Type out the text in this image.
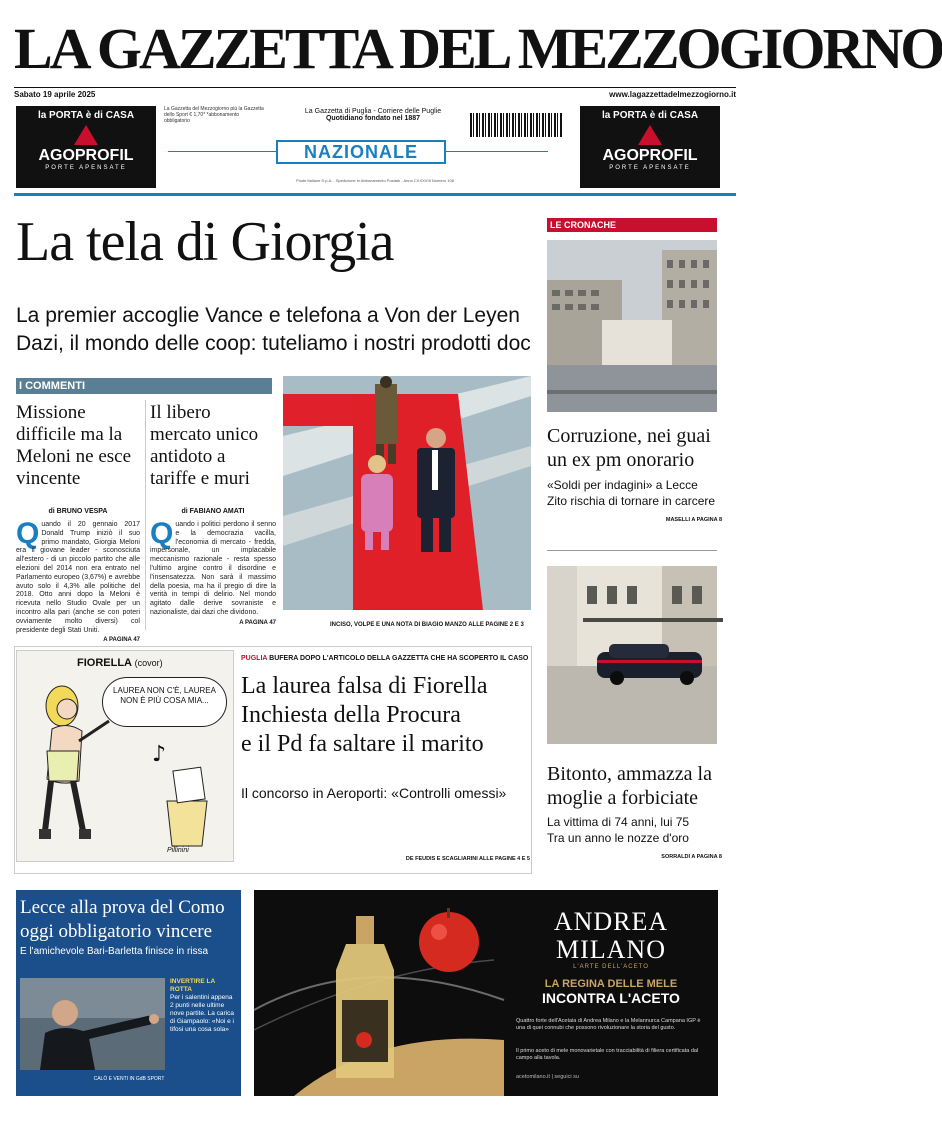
LA GAZZETTA DEL MEZZOGIORNO
Sabato 19 aprile 2025	www.lagazzettadelmezzogiorno.it
la PORTA è di CASA
AGOPROFIL
PORTE APENSATE
La Gazzetta del Mezzogiorno più la Gazzetta dello Sport € 1,70* *abbonamento obbligatorio
La Gazzetta di Puglia - Corriere delle Puglie
Quotidiano fondato nel 1887
NAZIONALE
Poste Italiane S.p.A. - Spedizione in Abbonamento Postale - Anno CXXXVIII Numero 108
la PORTA è di CASA
AGOPROFIL
PORTE APENSATE
La tela di Giorgia
La premier accoglie Vance e telefona a Von der Leyen
Dazi, il mondo delle coop: tuteliamo i nostri prodotti doc
I COMMENTI
Missione difficile ma la Meloni ne esce vincente
di BRUNO VESPA
Q uando il 20 gennaio 2017 Donald Trump iniziò il suo primo mandato, Giorgia Meloni era il giovane leader - sconosciuta all'estero - di un piccolo partito che alle elezioni del 2014 non era entrato nel Parlamento europeo (3,67%) e avrebbe avuto solo il 4,3% alle politiche del 2018. Otto anni dopo la Meloni è ricevuta nello Studio Ovale per un incontro alla pari (anche se con poteri ovviamente molto diversi) col presidente degli Stati Uniti.
A PAGINA 47
Il libero mercato unico antidoto a tariffe e muri
di FABIANO AMATI
Q uando i politici perdono il senno e la democrazia vacilla, l'economia di mercato - fredda, impersonale, un implacabile meccanismo razionale - resta spesso l'ultimo argine contro il disordine e l'insensatezza. Non sarà il massimo della poesia, ma ha il pregio di dire la verità in tempi di delirio. Nel mondo agitato dalle derive sovraniste e nazionaliste, dai dazi che dividono.
A PAGINA 47	INCISO, VOLPE E UNA NOTA DI BIAGIO MANZO ALLE PAGINE 2 E 3
LE CRONACHE
Corruzione, nei guai un ex pm onorario
«Soldi per indagini» a Lecce
Zito rischia di tornare in carcere
MASELLI A PAGINA 8
Bitonto, ammazza la moglie a forbiciate
La vittima di 74 anni, lui 75
Tra un anno le nozze d'oro
SORRALDI A PAGINA 8
FIORELLA (covor)
LAUREA NON C'È, LAUREA NON È PIÙ COSA MIA...
♪
Pillinini
PUGLIA BUFERA DOPO L'ARTICOLO DELLA GAZZETTA CHE HA SCOPERTO IL CASO
La laurea falsa di Fiorella
Inchiesta della Procura
e il Pd fa saltare il marito
Il concorso in Aeroporti: «Controlli omessi»
DE FEUDIS E SCAGLIARINI ALLE PAGINE 4 E 5
Lecce alla prova del Como oggi obbligatorio vincere
E l'amichevole Bari-Barletta finisce in rissa
INVERTIRE LA ROTTA
Per i salentini appena 2 punti nelle ultime nove partite. La carica di Giampaolo: «Noi e i tifosi una cosa sola»
CALÒ E VENTI IN GdB SPORT
ANDREA
MILANO
L'ARTE DELL'ACETO
LA REGINA DELLE MELE
INCONTRA L'ACETO
Quattro forte dell'Acetaia di Andrea Milano e la Melannurca Campana IGP è una di quei connubi che possono rivoluzionare la storia del gusto.
Il primo aceto di mele monovarietale con tracciabilità di filiera certificata dal campo alla tavola.
acetomilano.it | seguici su
